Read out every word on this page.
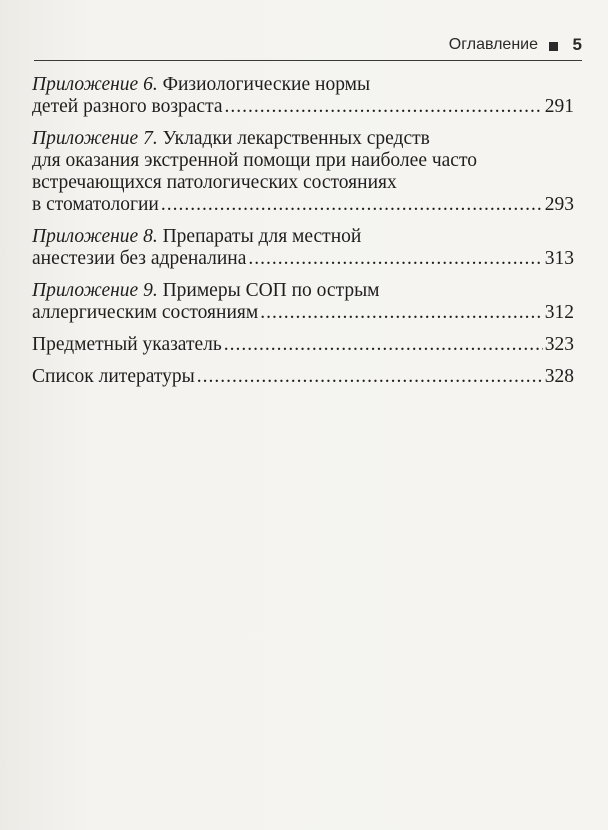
Оглавление 5
Приложение 6. Физиологические нормы
детей разного возраста .....	291
Приложение 7. Укладки лекарственных средств
для оказания экстренной помощи при наиболее часто
встречающихся патологических состояниях
в стоматологии .....	293
Приложение 8. Препараты для местной
анестезии без адреналина .....	313
Приложение 9. Примеры СОП по острым
аллергическим состояниям .....	312
Предметный указатель .....	323
Список литературы .....	328
